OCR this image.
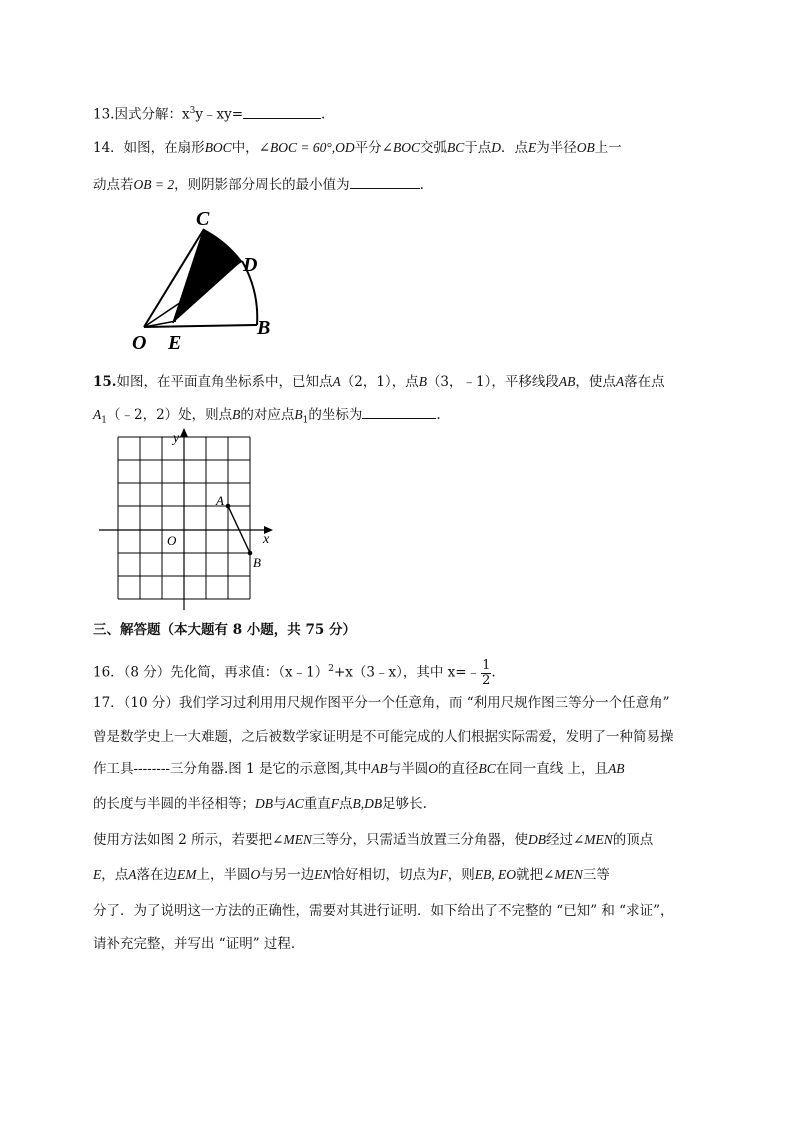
13.因式分解：$x^3y﹣xy=$	.
14．如图，在扇形BOC中，∠BOC = 60°,OD平分∠BOC交弧BC于点D．点E为半径OB上一
动点若OB = 2，则阴影部分周长的最小值为	.
C
D
B
O E
15.如图，在平面直角坐标系中，已知点A（2，1），点B（3，﹣1），平移线段AB，使点A落在点
$A_1(﹣2$，2）处，则点B的对应点$B_1$的坐标为	.
y
x
O
A
B
三、解答题（本大题有 8 小题，共 75 分）
16．（8 分）先化简，再求值：（x﹣1）$^2$+x（3﹣x），其中 x=﹣ $\frac{1}{2}$ .
17．（10 分）我们学习过利用用尺规作图平分一个任意角，而 “利用尺规作图三等分一个任意角”
曾是数学史上一大难题，之后被数学家证明是不可能完成的人们根据实际需爱，发明了一种简易操
作工具--------三分角器.图 1 是它的示意图,其中AB与半圆O的直径BC在同一直线 上，且AB
的长度与半圆的半径相等；DB与AC重直F点B,DB足够长.
使用方法如图 2 所示，若要把∠MEN三等分，只需适当放置三分角器，使DB经过∠MEN的顶点
E，点A落在边EM上，半圆O与另一边EN恰好相切，切点为F，则EB, EO就把∠MEN三等
分了．为了说明这一方法的正确性，需要对其进行证明．如下给出了不完整的 “已知” 和 “求证”，
请补充完整，并写出 “证明” 过程．
